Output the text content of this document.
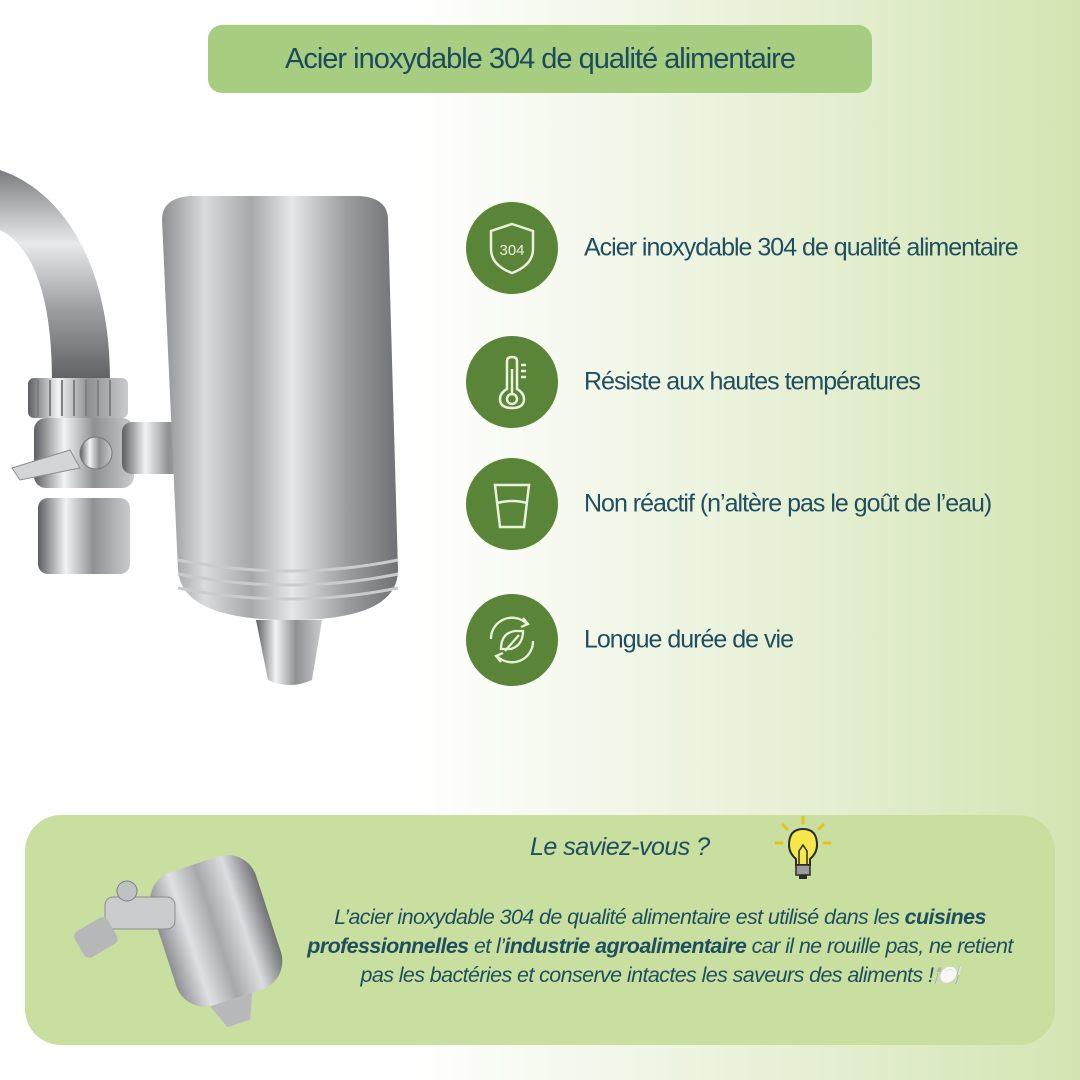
Acier inoxydable 304 de qualité alimentaire
304 Acier inoxydable 304 de qualité alimentaire
Résiste aux hautes températures
Non réactif (n’altère pas le goût de l’eau)
Longue durée de vie
Le saviez-vous ?
L’acier inoxydable 304 de qualité alimentaire est utilisé dans les cuisines professionnelles et l’industrie agroalimentaire car il ne rouille pas, ne retient pas les bactéries et conserve intactes les saveurs des aliments !🍽️
